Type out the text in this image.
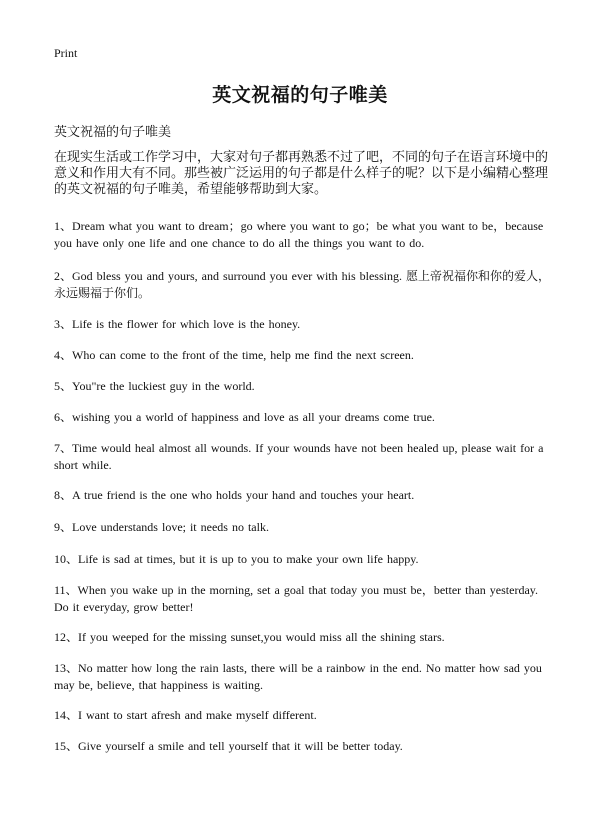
Print
英文祝福的句子唯美
英文祝福的句子唯美
在现实生活或工作学习中，大家对句子都再熟悉不过了吧，不同的句子在语言环境中的意义和作用大有不同。那些被广泛运用的句子都是什么样子的呢？以下是小编精心整理的英文祝福的句子唯美，希望能够帮助到大家。
1、Dream what you want to dream；go where you want to go；be what you want to be，because you have only one life and one chance to do all the things you want to do.
2、God bless you and yours, and surround you ever with his blessing. 愿上帝祝福你和你的爱人，永远赐福于你们。
3、Life is the flower for which love is the honey.
4、Who can come to the front of the time, help me find the next screen.
5、You"re the luckiest guy in the world.
6、wishing you a world of happiness and love as all your dreams come true.
7、Time would heal almost all wounds. If your wounds have not been healed up, please wait for a short while.
8、A true friend is the one who holds your hand and touches your heart.
9、Love understands love; it needs no talk.
10、Life is sad at times, but it is up to you to make your own life happy.
11、When you wake up in the morning, set a goal that today you must be，better than yesterday. Do it everyday, grow better!
12、If you weeped for the missing sunset,you would miss all the shining stars.
13、No matter how long the rain lasts, there will be a rainbow in the end. No matter how sad you may be, believe, that happiness is waiting.
14、I want to start afresh and make myself different.
15、Give yourself a smile and tell yourself that it will be better today.
